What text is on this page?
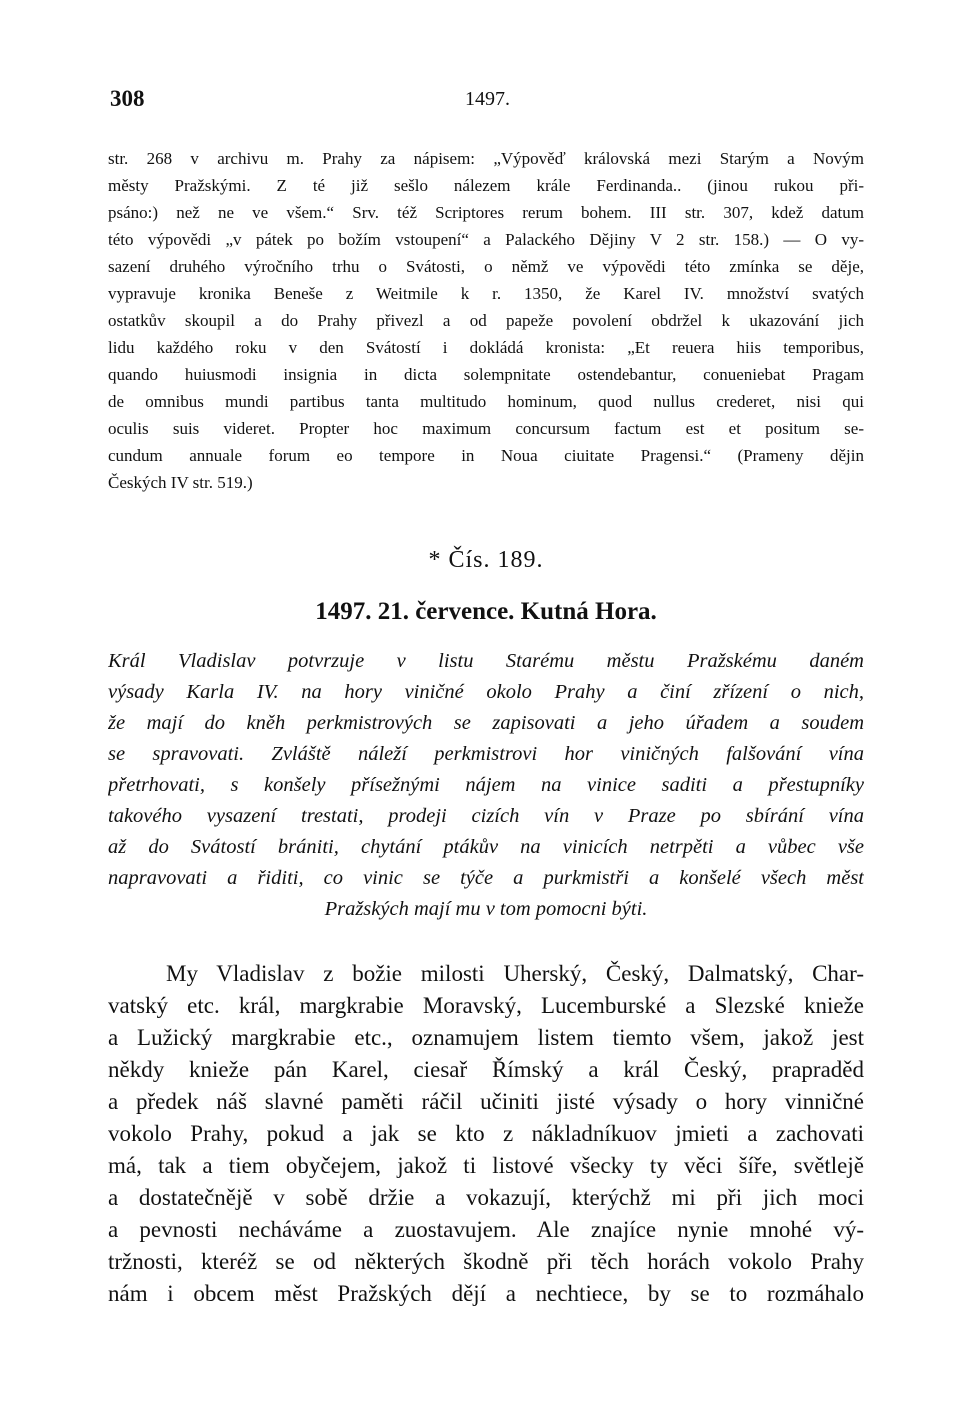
308	1497.
str. 268 v archivu m. Prahy za nápisem: „Výpověď královská mezi Starým a Novým
městy Pražskými. Z té již sešlo nálezem krále Ferdinanda.. (jinou rukou při-
psáno:) než ne ve všem.“ Srv. též Scriptores rerum bohem. III str. 307, kdež datum
této výpovědi „v pátek po božím vstoupení“ a Palackého Dějiny V 2 str. 158.) — O vy-
sazení druhého výročního trhu o Svátosti, o němž ve výpovědi této zmínka se děje,
vypravuje kronika Beneše z Weitmile k r. 1350, že Karel IV. množství svatých
ostatkův skoupil a do Prahy přivezl a od papeže povolení obdržel k ukazování jich
lidu každého roku v den Svátostí i dokládá kronista: „Et reuera hiis temporibus,
quando huiusmodi insignia in dicta solempnitate ostendebantur, conueniebat Pragam
de omnibus mundi partibus tanta multitudo hominum, quod nullus crederet, nisi qui
oculis suis videret. Propter hoc maximum concursum factum est et positum se-
cundum annuale forum eo tempore in Noua ciuitate Pragensi.“ (Prameny dějin
Českých IV str. 519.)
* Čís. 189.
1497. 21. července. Kutná Hora.
Král Vladislav potvrzuje v listu Starému městu Pražskému daném
výsady Karla IV. na hory viničné okolo Prahy a činí zřízení o nich,
že mají do kněh perkmistrových se zapisovati a jeho úřadem a soudem
se spravovati. Zvláště náleží perkmistrovi hor viničných falšování vína
přetrhovati, s konšely přísežnými nájem na vinice saditi a přestupníky
takového vysazení trestati, prodeji cizích vín v Praze po sbírání vína
až do Svátostí brániti, chytání ptákův na vinicích netrpěti a vůbec vše
napravovati a řiditi, co vinic se týče a purkmistři a konšelé všech měst
Pražských mají mu v tom pomocni býti.
My Vladislav z božie milosti Uherský, Český, Dalmatský, Char-
vatský etc. král, margkrabie Moravský, Lucemburské a Slezské knieže
a Lužický margkrabie etc., oznamujem listem tiemto všem, jakož jest
někdy knieže pán Karel, ciesař Římský a král Český, prapraděd
a předek náš slavné paměti ráčil učiniti jisté výsady o hory vinničné
vokolo Prahy, pokud a jak se kto z nákladníkuov jmieti a zachovati
má, tak a tiem obyčejem, jakož ti listové všecky ty věci šíře, světlejě
a dostatečnějě v sobě držie a vokazují, kterýchž mi při jich moci
a pevnosti necháváme a zuostavujem. Ale znajíce nynie mnohé vý-
tržnosti, kteréž se od některých škodně při těch horách vokolo Prahy
nám i obcem měst Pražských dějí a nechtiece, by se to rozmáhalo
